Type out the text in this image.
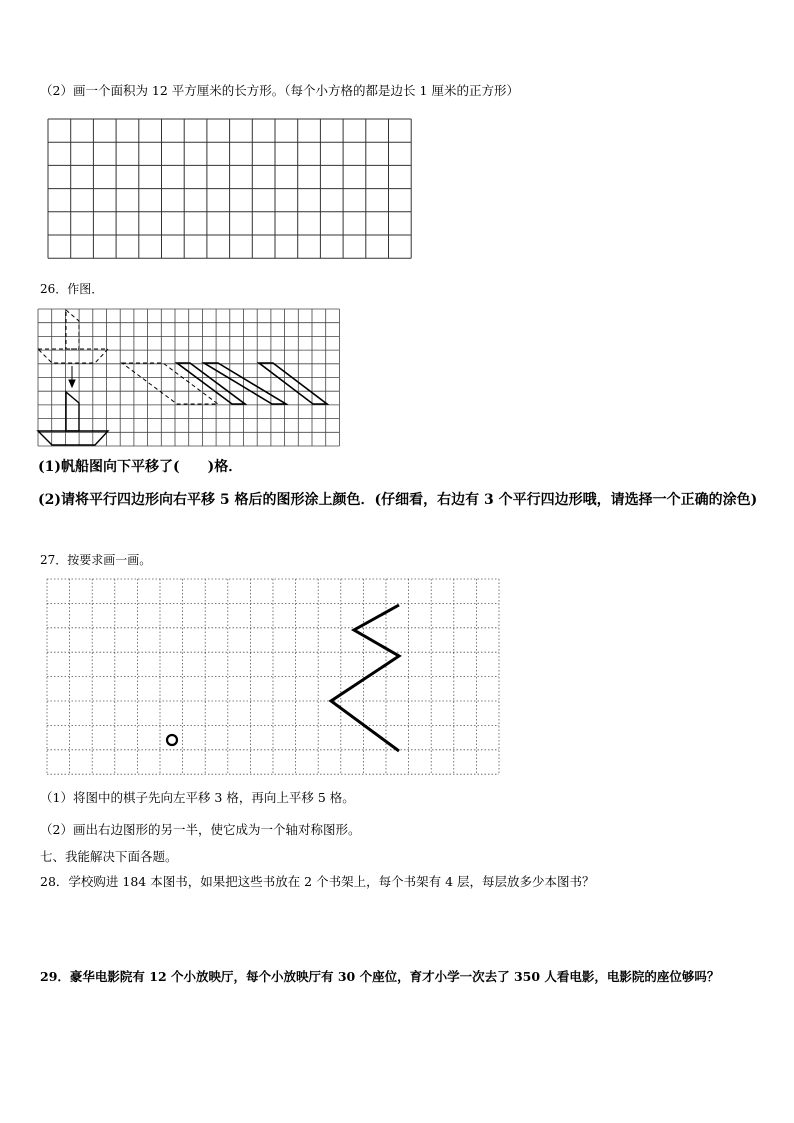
（2）画一个面积为 12 平方厘米的长方形。（每个小方格的都是边长 1 厘米的正方形）
26．作图．
(1)帆船图向下平移了(　　)格．
(2)请将平行四边形向右平移 5 格后的图形涂上颜色．(仔细看，右边有 3 个平行四边形哦，请选择一个正确的涂色)
27．按要求画一画。
（1）将图中的棋子先向左平移 3 格，再向上平移 5 格。
（2）画出右边图形的另一半，使它成为一个轴对称图形。
七、我能解决下面各题。
28．学校购进 184 本图书，如果把这些书放在 2 个书架上，每个书架有 4 层，每层放多少本图书？
29．豪华电影院有 12 个小放映厅，每个小放映厅有 30 个座位，育才小学一次去了 350 人看电影，电影院的座位够吗？
